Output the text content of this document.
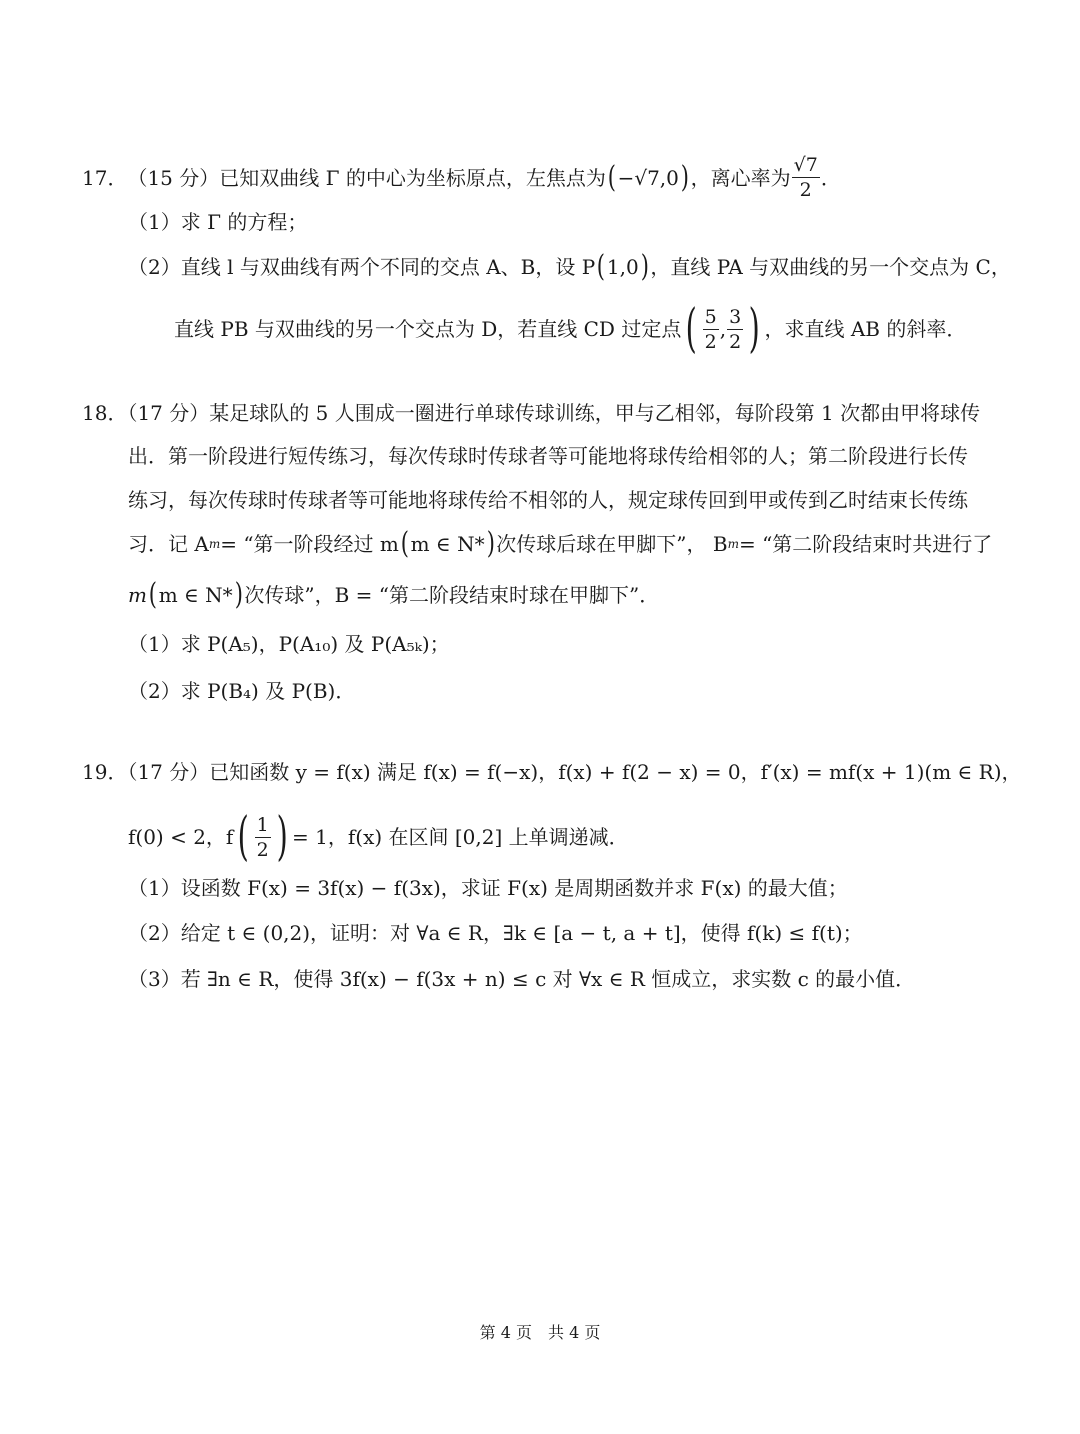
17． （15 分） 已知双曲线 Γ 的中心为坐标原点，左焦点为 ( −√7,0 ) ，离心率为 $\frac{√7}{2}$ ．
（1）求 Γ 的方程；
（2）直线 l 与双曲线有两个不同的交点 A、B，设 P ( 1,0 ) ，直线 PA 与双曲线的另一个交点为 C，
直线 PB 与双曲线的另一个交点为 D，若直线 CD 过定点 ( $\frac{5}{2}$ , $\frac{3}{2}$ ) ，求直线 AB 的斜率．
18．（17 分）某足球队的 5 人围成一圈进行单球传球训练，甲与乙相邻，每阶段第 1 次都由甲将球传
出．第一阶段进行短传练习，每次传球时传球者等可能地将球传给相邻的人；第二阶段进行长传
练习，每次传球时传球者等可能地将球传给不相邻的人，规定球传回到甲或传到乙时结束长传练
习．记 A m = “第一阶段经过 m ( m ∈ N* ) 次传球后球在甲脚下”， B m = “第二阶段结束时共进行了
m ( m ∈ N* ) 次传球”，B = “第二阶段结束时球在甲脚下”．
（1）求 P(A₅)，P(A₁₀) 及 P(A₅ₖ)；
（2）求 P(B₄) 及 P(B)．
19．（17 分）已知函数 y = f(x) 满足 f(x) = f(−x)，f(x) + f(2 − x) = 0，f′(x) = mf(x + 1)(m ∈ R)，
f(0) < 2，f ( $\frac{1}{2}$ ) = 1，f(x) 在区间 [0,2] 上单调递减．
（1）设函数 F(x) = 3f(x) − f(3x)，求证 F(x) 是周期函数并求 F(x) 的最大值；
（2）给定 t ∈ (0,2)，证明：对 ∀a ∈ R，∃k ∈ [a − t, a + t]，使得 f(k) ≤ f(t)；
（3）若 ∃n ∈ R，使得 3f(x) − f(3x + n) ≤ c 对 ∀x ∈ R 恒成立，求实数 c 的最小值．
第 4 页　共 4 页
